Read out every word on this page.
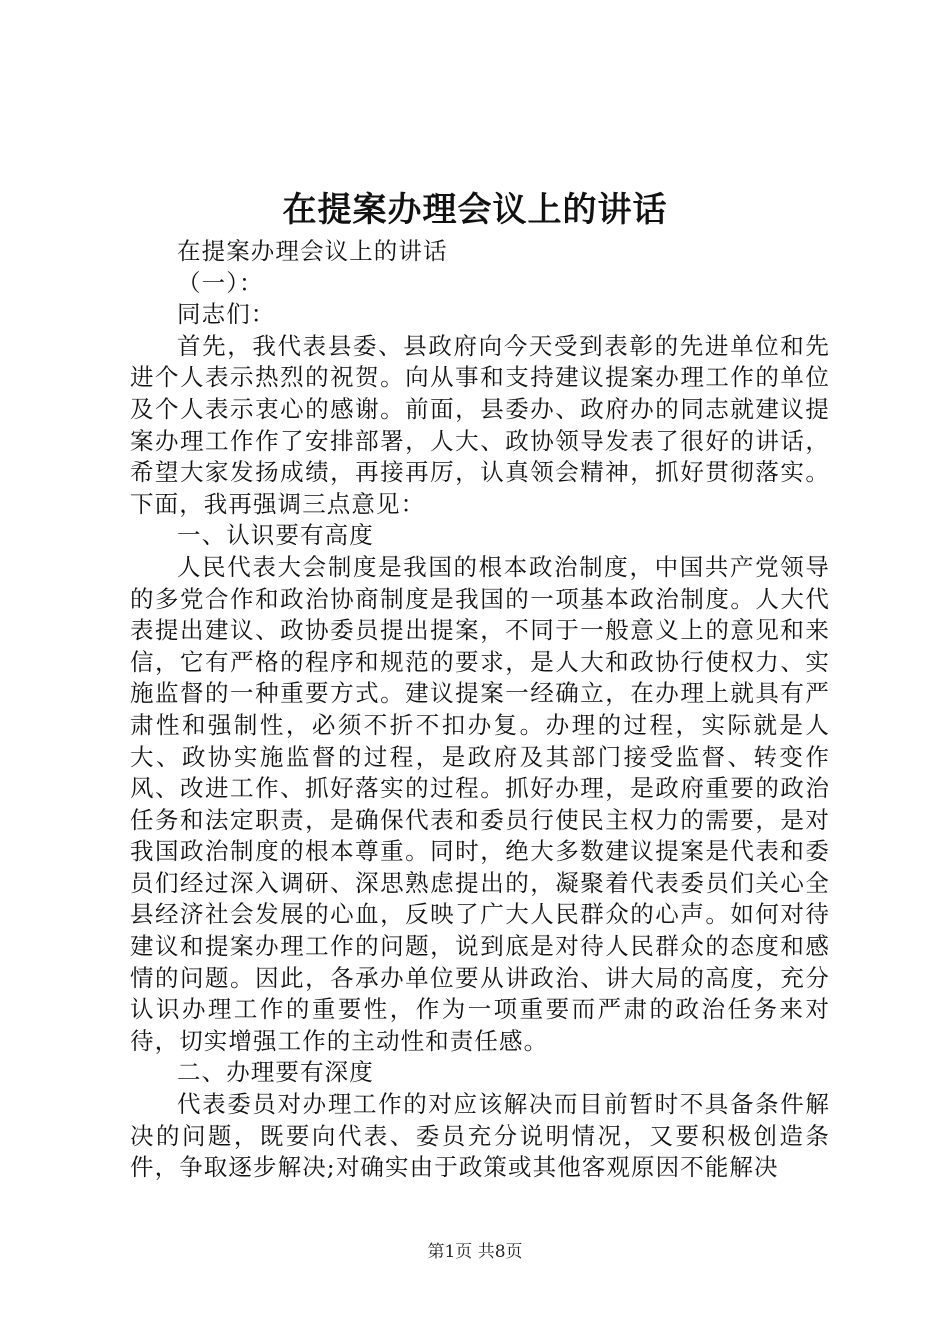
在提案办理会议上的讲话

在提案办理会议上的讲话

（一）：

同志们：

首先，我代表县委、县政府向今天受到表彰的先进单位和先进个人表示热烈的祝贺。向从事和支持建议提案办理工作的单位及个人表示衷心的感谢。前面，县委办、政府办的同志就建议提案办理工作作了安排部署，人大、政协领导发表了很好的讲话，希望大家发扬成绩，再接再厉，认真领会精神，抓好贯彻落实。下面，我再强调三点意见：

一、认识要有高度

人民代表大会制度是我国的根本政治制度，中国共产党领导的多党合作和政治协商制度是我国的一项基本政治制度。人大代表提出建议、政协委员提出提案，不同于一般意义上的意见和来信，它有严格的程序和规范的要求，是人大和政协行使权力、实施监督的一种重要方式。建议提案一经确立，在办理上就具有严肃性和强制性，必须不折不扣办复。办理的过程，实际就是人大、政协实施监督的过程，是政府及其部门接受监督、转变作风、改进工作、抓好落实的过程。抓好办理，是政府重要的政治任务和法定职责，是确保代表和委员行使民主权力的需要，是对我国政治制度的根本尊重。同时，绝大多数建议提案是代表和委员们经过深入调研、深思熟虑提出的，凝聚着代表委员们关心全县经济社会发展的心血，反映了广大人民群众的心声。如何对待建议和提案办理工作的问题，说到底是对待人民群众的态度和感情的问题。因此，各承办单位要从讲政治、讲大局的高度，充分认识办理工作的重要性，作为一项重要而严肃的政治任务来对待，切实增强工作的主动性和责任感。

二、办理要有深度

代表委员对办理工作的对应该解决而目前暂时不具备条件解决的问题，既要向代表、委员充分说明情况，又要积极创造条件，争取逐步解决;对确实由于政策或其他客观原因不能解决

第1页 共8页
